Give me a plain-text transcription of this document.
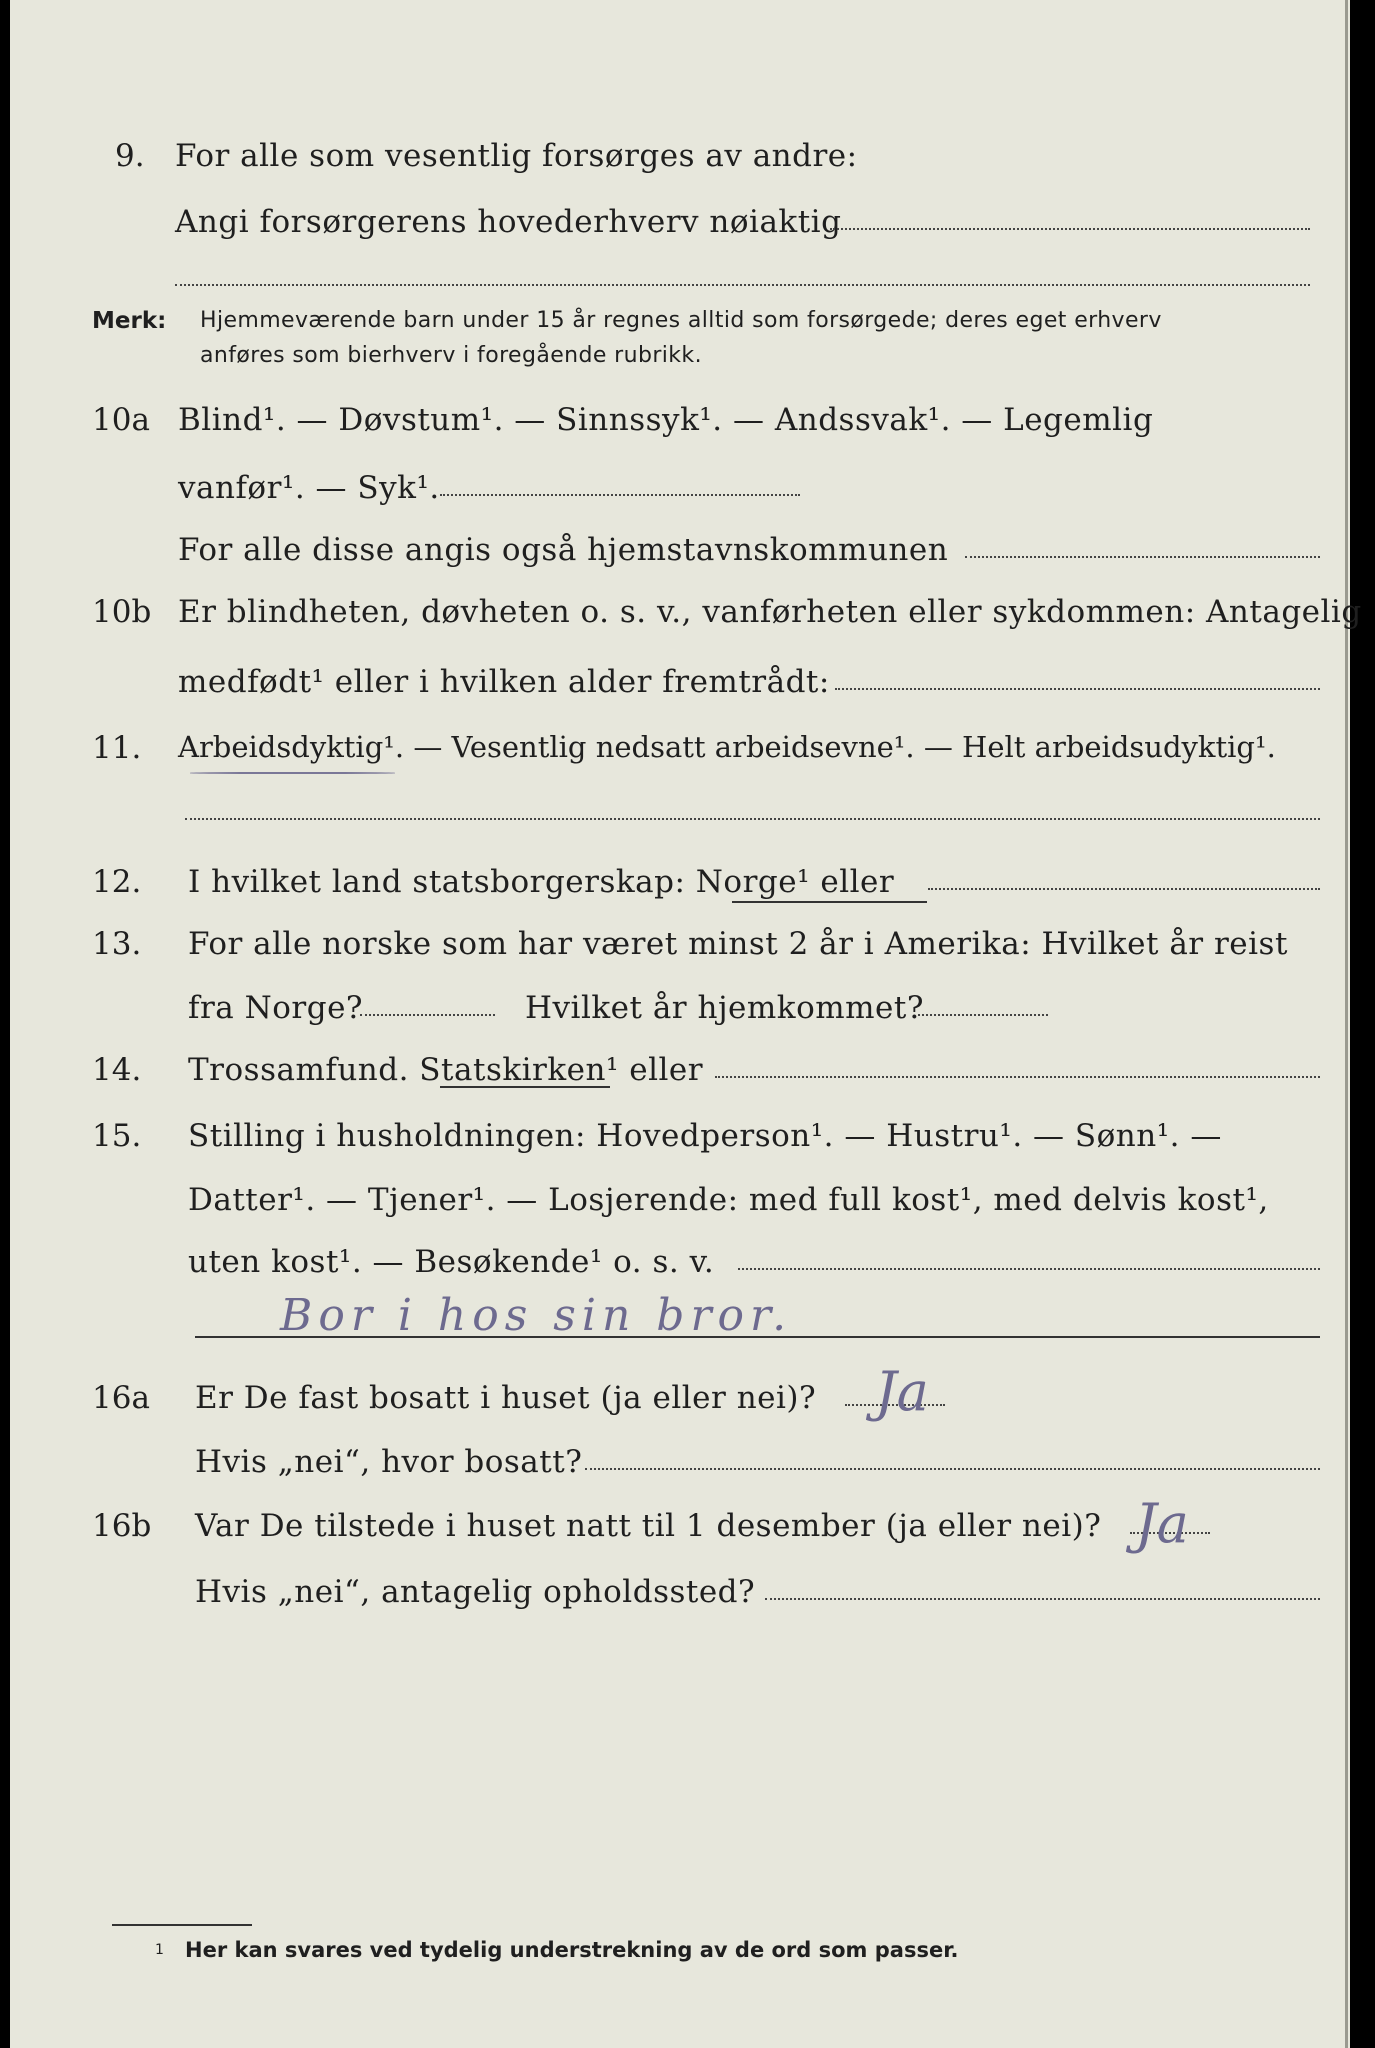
9. For alle som vesentlig forsørges av andre:
Angi forsørgerens hovederhverv nøiaktig
Merk: Hjemmeværende barn under 15 år regnes alltid som forsørgede; deres eget erhverv
anføres som bierhverv i foregående rubrikk.
10a Blind¹. — Døvstum¹. — Sinnssyk¹. — Andssvak¹. — Legemlig
vanfør¹. — Syk¹.
For alle disse angis også hjemstavnskommunen
10b Er blindheten, døvheten o. s. v., vanførheten eller sykdommen: Antagelig
medfødt¹ eller i hvilken alder fremtrådt:
11. Arbeidsdyktig¹. — Vesentlig nedsatt arbeidsevne¹. — Helt arbeidsudyktig¹.
12. I hvilket land statsborgerskap: Norge¹ eller
13. For alle norske som har været minst 2 år i Amerika: Hvilket år reist
fra Norge?	Hvilket år hjemkommet?
14. Trossamfund. Statskirken¹ eller
15. Stilling i husholdningen: Hovedperson¹. — Hustru¹. — Sønn¹. —
Datter¹. — Tjener¹. — Losjerende: med full kost¹, med delvis kost¹,
uten kost¹. — Besøkende¹ o. s. v.
Bor i hos sin bror.
16a Er De fast bosatt i huset (ja eller nei)? Ja
Hvis „nei“, hvor bosatt?
16b Var De tilstede i huset natt til 1 desember (ja eller nei)? Ja
Hvis „nei“, antagelig opholdssted?
1 Her kan svares ved tydelig understrekning av de ord som passer.
